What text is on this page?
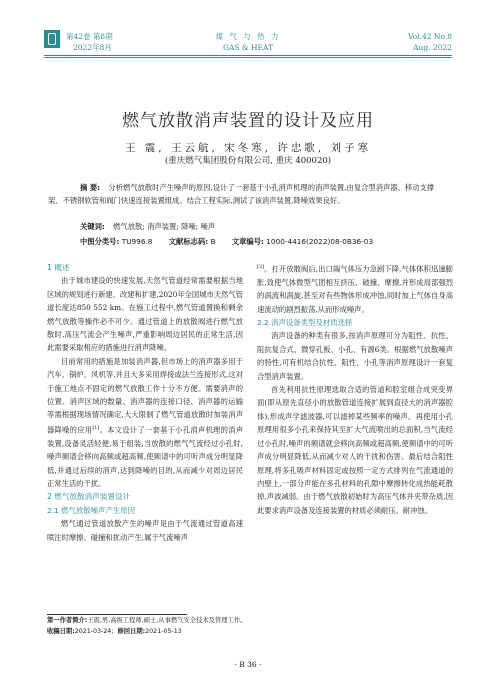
第42卷 第8期
2022年8月
煤 气 与 热 力
GAS & HEAT
Vol.42 No.8
Aug. 2022
燃气放散消声装置的设计及应用
王 震, 王云航, 宋冬寒, 许忠歌, 刘子寒
(重庆燃气集团股份有限公司, 重庆 400020)
摘 要: 分析燃气放散时产生噪声的原因,设计了一套基于小孔消声机理的消声装置,由复合型消声器、移动支撑架、不锈钢软管和阀门快速连接装置组成。结合工程实际,测试了该消声装置,降噪效果良好。
关键词: 燃气放散; 消声装置; 降噪; 噪声
中图分类号: TU996.8 文献标志码: B 文章编号: 1000-4416(2022)08-0B36-03
1 概述

由于城市建设的快速发展,天然气管道经常需要根据当地区域的规划进行新建、改建和扩建,2020年全国城市天然气管道长度达850 552 km。在施工过程中,燃气管道置换和剩余燃气放散等操作必不可少。通过管道上的放散阀进行燃气放散时,高压气流会产生噪声,严重影响周边居民的正常生活,因此需要采取相应的措施进行消声降噪。

目前常用的措施是加装消声器,但市场上的消声器多用于汽车、锅炉、风机等,并且大多采用焊接或法兰连接形式,这对于施工地点不固定的燃气放散工作十分不方便。需要消声的位置、消声区域的数量、消声器的连接口径、消声器的运输等需根据现场情况确定,大大限制了燃气管道放散时加装消声器降噪的应用[1]。本文设计了一套基于小孔消声机理的消声装置,设备灵活轻便,易于组装,当放散的燃气气流经过小孔时,噪声频谱会移向高频或超高频,使频谱中的可听声成分明显降低,并通过后续的消声,达到降噪的目的,从而减少对周边居民正常生活的干扰。

2 燃气放散消声装置设计
2.1 燃气放散噪声产生原因

燃气通过管道放散产生的噪声是由于气流通过管道高速喷注时摩擦、碰撞和扰动产生,属于气流噪声

[2]。打开放散阀后,出口端气体压力急剧下降,气体体积迅速膨胀,致使气体微型气团相互挤压、破撞、摩擦,并形成局部强烈的涡流和涡旋,甚至对有些物体形成冲蚀,同时加上气体自身高速流动的剧烈振荡,从而形成噪声。

2.2 消声设备类型及材质选择

消声设备的种类有很多,按消声原理可分为阻性、抗性、阻抗复合式、微穿孔板、小孔、有源6类。根据燃气放散噪声的特性,可有机结合抗性、阻性、小孔等消声原理设计一套复合型消声装置。

首先利用抗性原理选取合适的管道和腔室组合成突变界面(即从原先直径小的放散管道连接扩展到直径大的消声器腔体),形成声学滤波器,可以滤掉某些频率的噪声。再使用小孔原理用很多小孔来保持其至扩大气流喷出的总面积,当气流经过小孔时,噪声的频谱就会移向高频或超高频,使频谱中的可听声成分明显降低,从而减少对人的干扰和伤害。最后结合阻性原理,将多孔吸声材料固定或按照一定方式排列在气流通道的内壁上,一部分声能在多孔材料的孔隙中摩擦转化成热能耗散掉,声波减弱。由于燃气放散初始时为高压气体并夹带杂质,因此要求消声设备及连接装置的材质必须耐压、耐冲蚀。

第一作者简介:王震,男,高级工程师,硕士,从事燃气安全技术及管理工作。
收稿日期:2021-03-24; 修回日期:2021-05-13
· B 36 ·
